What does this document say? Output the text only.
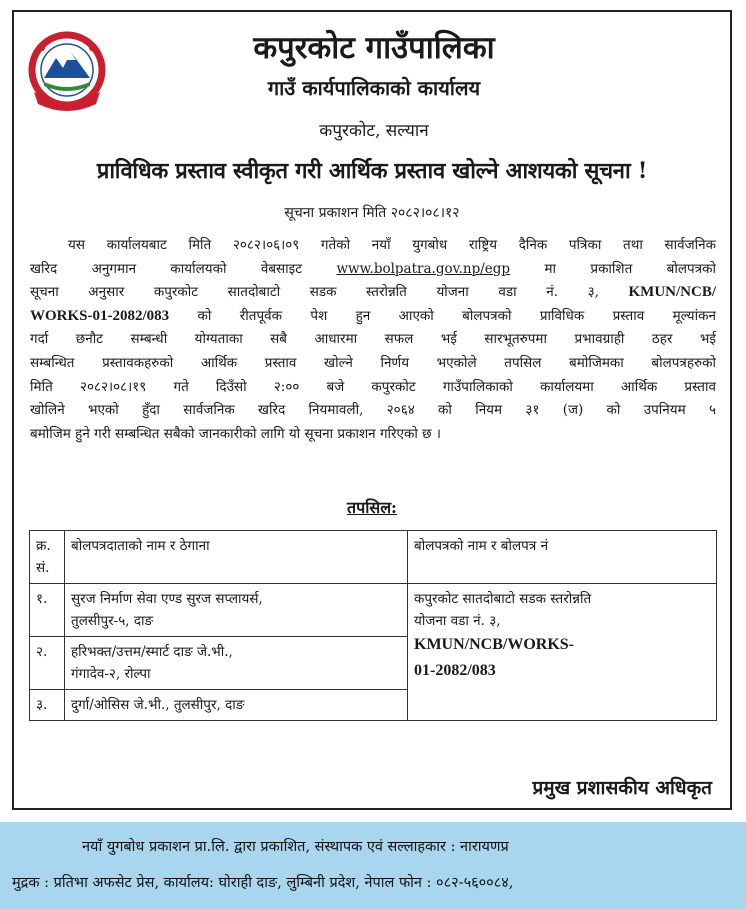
कपुरकोट गाउँपालिका
गाउँ कार्यपालिकाको कार्यालय
कपुरकोट, सल्यान
प्राविधिक प्रस्ताव स्वीकृत गरी आर्थिक प्रस्ताव खोल्ने आशयको सूचना !
सूचना प्रकाशन मिति २०८२।०८।१२
यस कार्यालयबाट मिति २०८२।०६।०९ गतेको नयाँ युगबोध राष्ट्रिय दैनिक पत्रिका तथा सार्वजनिक
खरिद अनुगमान कार्यालयको वेबसाइट	www.bolpatra.gov.np/egp	मा प्रकाशित बोलपत्रको
सूचना अनुसार कपुरकोट सातदोबाटो सडक स्तरोन्नति योजना वडा नं. ३, KMUN/NCB/
WORKS-01-2082/083 को रीतपूर्वक पेश हुन आएको बोलपत्रको प्राविधिक प्रस्ताव मूल्यांकन
गर्दा छनौट सम्बन्धी योग्यताका सबै आधारमा सफल भई सारभूतरुपमा प्रभावग्राही ठहर भई
सम्बन्धित प्रस्तावकहरुको आर्थिक प्रस्ताव खोल्ने निर्णय भएकोले तपसिल बमोजिमका बोलपत्रहरुको
मिति २०८२।०८।१९ गते दिउँसो २:०० बजे कपुरकोट गाउँपालिकाको कार्यालयमा आर्थिक प्रस्ताव
खोलिने भएको हुँदा सार्वजनिक खरिद नियमावली, २०६४ को नियम ३१ (ज) को उपनियम ५
बमोजिम हुने गरी सम्बन्धित सबैको जानकारीको लागि यो सूचना प्रकाशन गरिएको छ ।
तपसिल:
क्र.
सं.	बोलपत्रदाताको नाम र ठेगाना	बोलपत्रको नाम र बोलपत्र नं
१.	सुरज निर्माण सेवा एण्ड सुरज सप्लायर्स,
तुलसीपुर-५, दाङ	कपुरकोट सातदोबाटो सडक स्तरोन्नति
योजना वडा नं. ३,
KMUN/NCB/WORKS-
01-2082/083
२.	हरिभक्त/उत्तम/स्मार्ट दाङ जे.भी.,
गंगादेव-२, रोल्पा	
३.	दुर्गा/ओसिस जे.भी., तुलसीपुर, दाङ	
प्रमुख प्रशासकीय अधिकृत
नयाँ युगबोध प्रकाशन प्रा.लि. द्वारा प्रकाशित, संस्थापक एवं सल्लाहकार : नारायणप्र
मुद्रक : प्रतिभा अफसेट प्रेस, कार्यालय: घोराही दाङ, लुम्बिनी प्रदेश, नेपाल फोन : ०८२-५६००८४,
